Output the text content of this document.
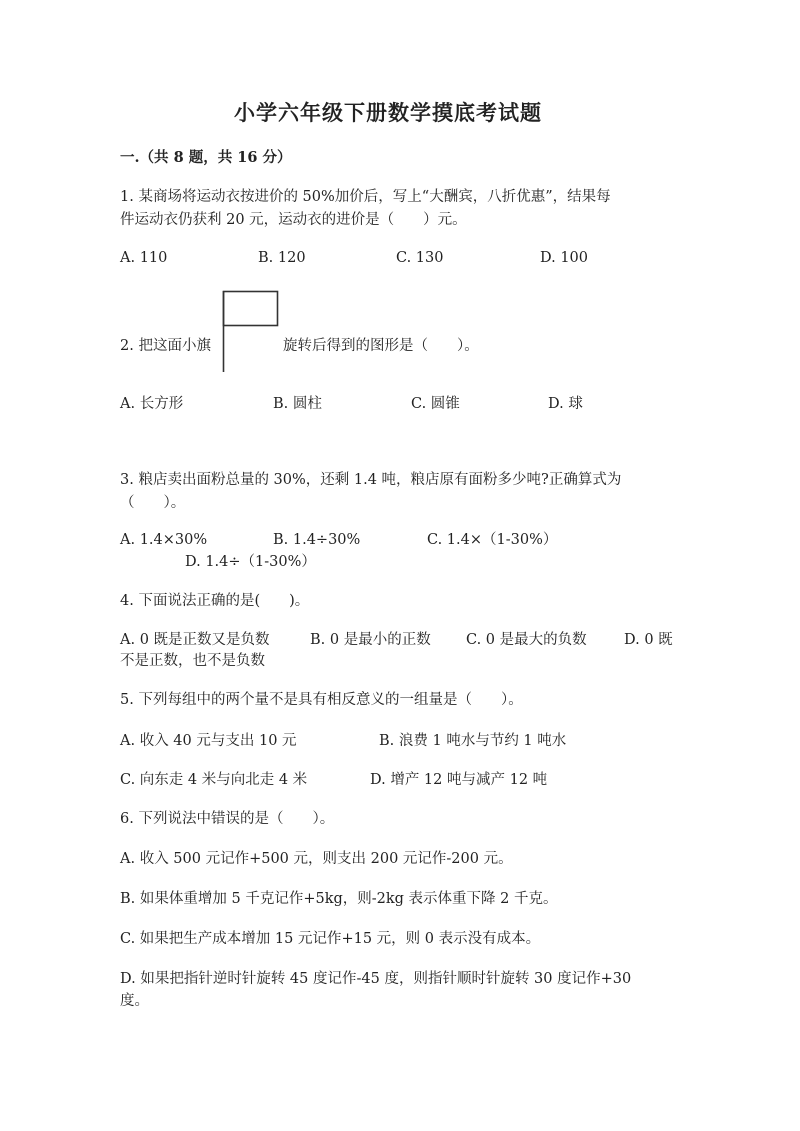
小学六年级下册数学摸底考试题
一.（共 8 题，共 16 分）
1. 某商场将运动衣按进价的 50%加价后，写上“大酬宾，八折优惠”，结果每
件运动衣仍获利 20 元，运动衣的进价是（　　）元。
A. 110	B. 120	C. 130	D. 100
2. 把这面小旗	旋转后得到的图形是（　　）。
A. 长方形	B. 圆柱	C. 圆锥	D. 球
3. 粮店卖出面粉总量的 30%，还剩 1.4 吨，粮店原有面粉多少吨?正确算式为
（　　）。
A. 1.4×30%	B. 1.4÷30%	C. 1.4×（1-30%）
D. 1.4÷（1-30%）
4. 下面说法正确的是(　　)。
A. 0 既是正数又是负数	B. 0 是最小的正数 C. 0 是最大的负数	D. 0 既
不是正数，也不是负数
5. 下列每组中的两个量不是具有相反意义的一组量是（　　）。
A. 收入 40 元与支出 10 元	B. 浪费 1 吨水与节约 1 吨水
C. 向东走 4 米与向北走 4 米	D. 增产 12 吨与减产 12 吨
6. 下列说法中错误的是（　　）。
A. 收入 500 元记作+500 元，则支出 200 元记作-200 元。
B. 如果体重增加 5 千克记作+5kg，则-2kg 表示体重下降 2 千克。
C. 如果把生产成本增加 15 元记作+15 元，则 0 表示没有成本。
D. 如果把指针逆时针旋转 45 度记作-45 度，则指针顺时针旋转 30 度记作+30
度。
